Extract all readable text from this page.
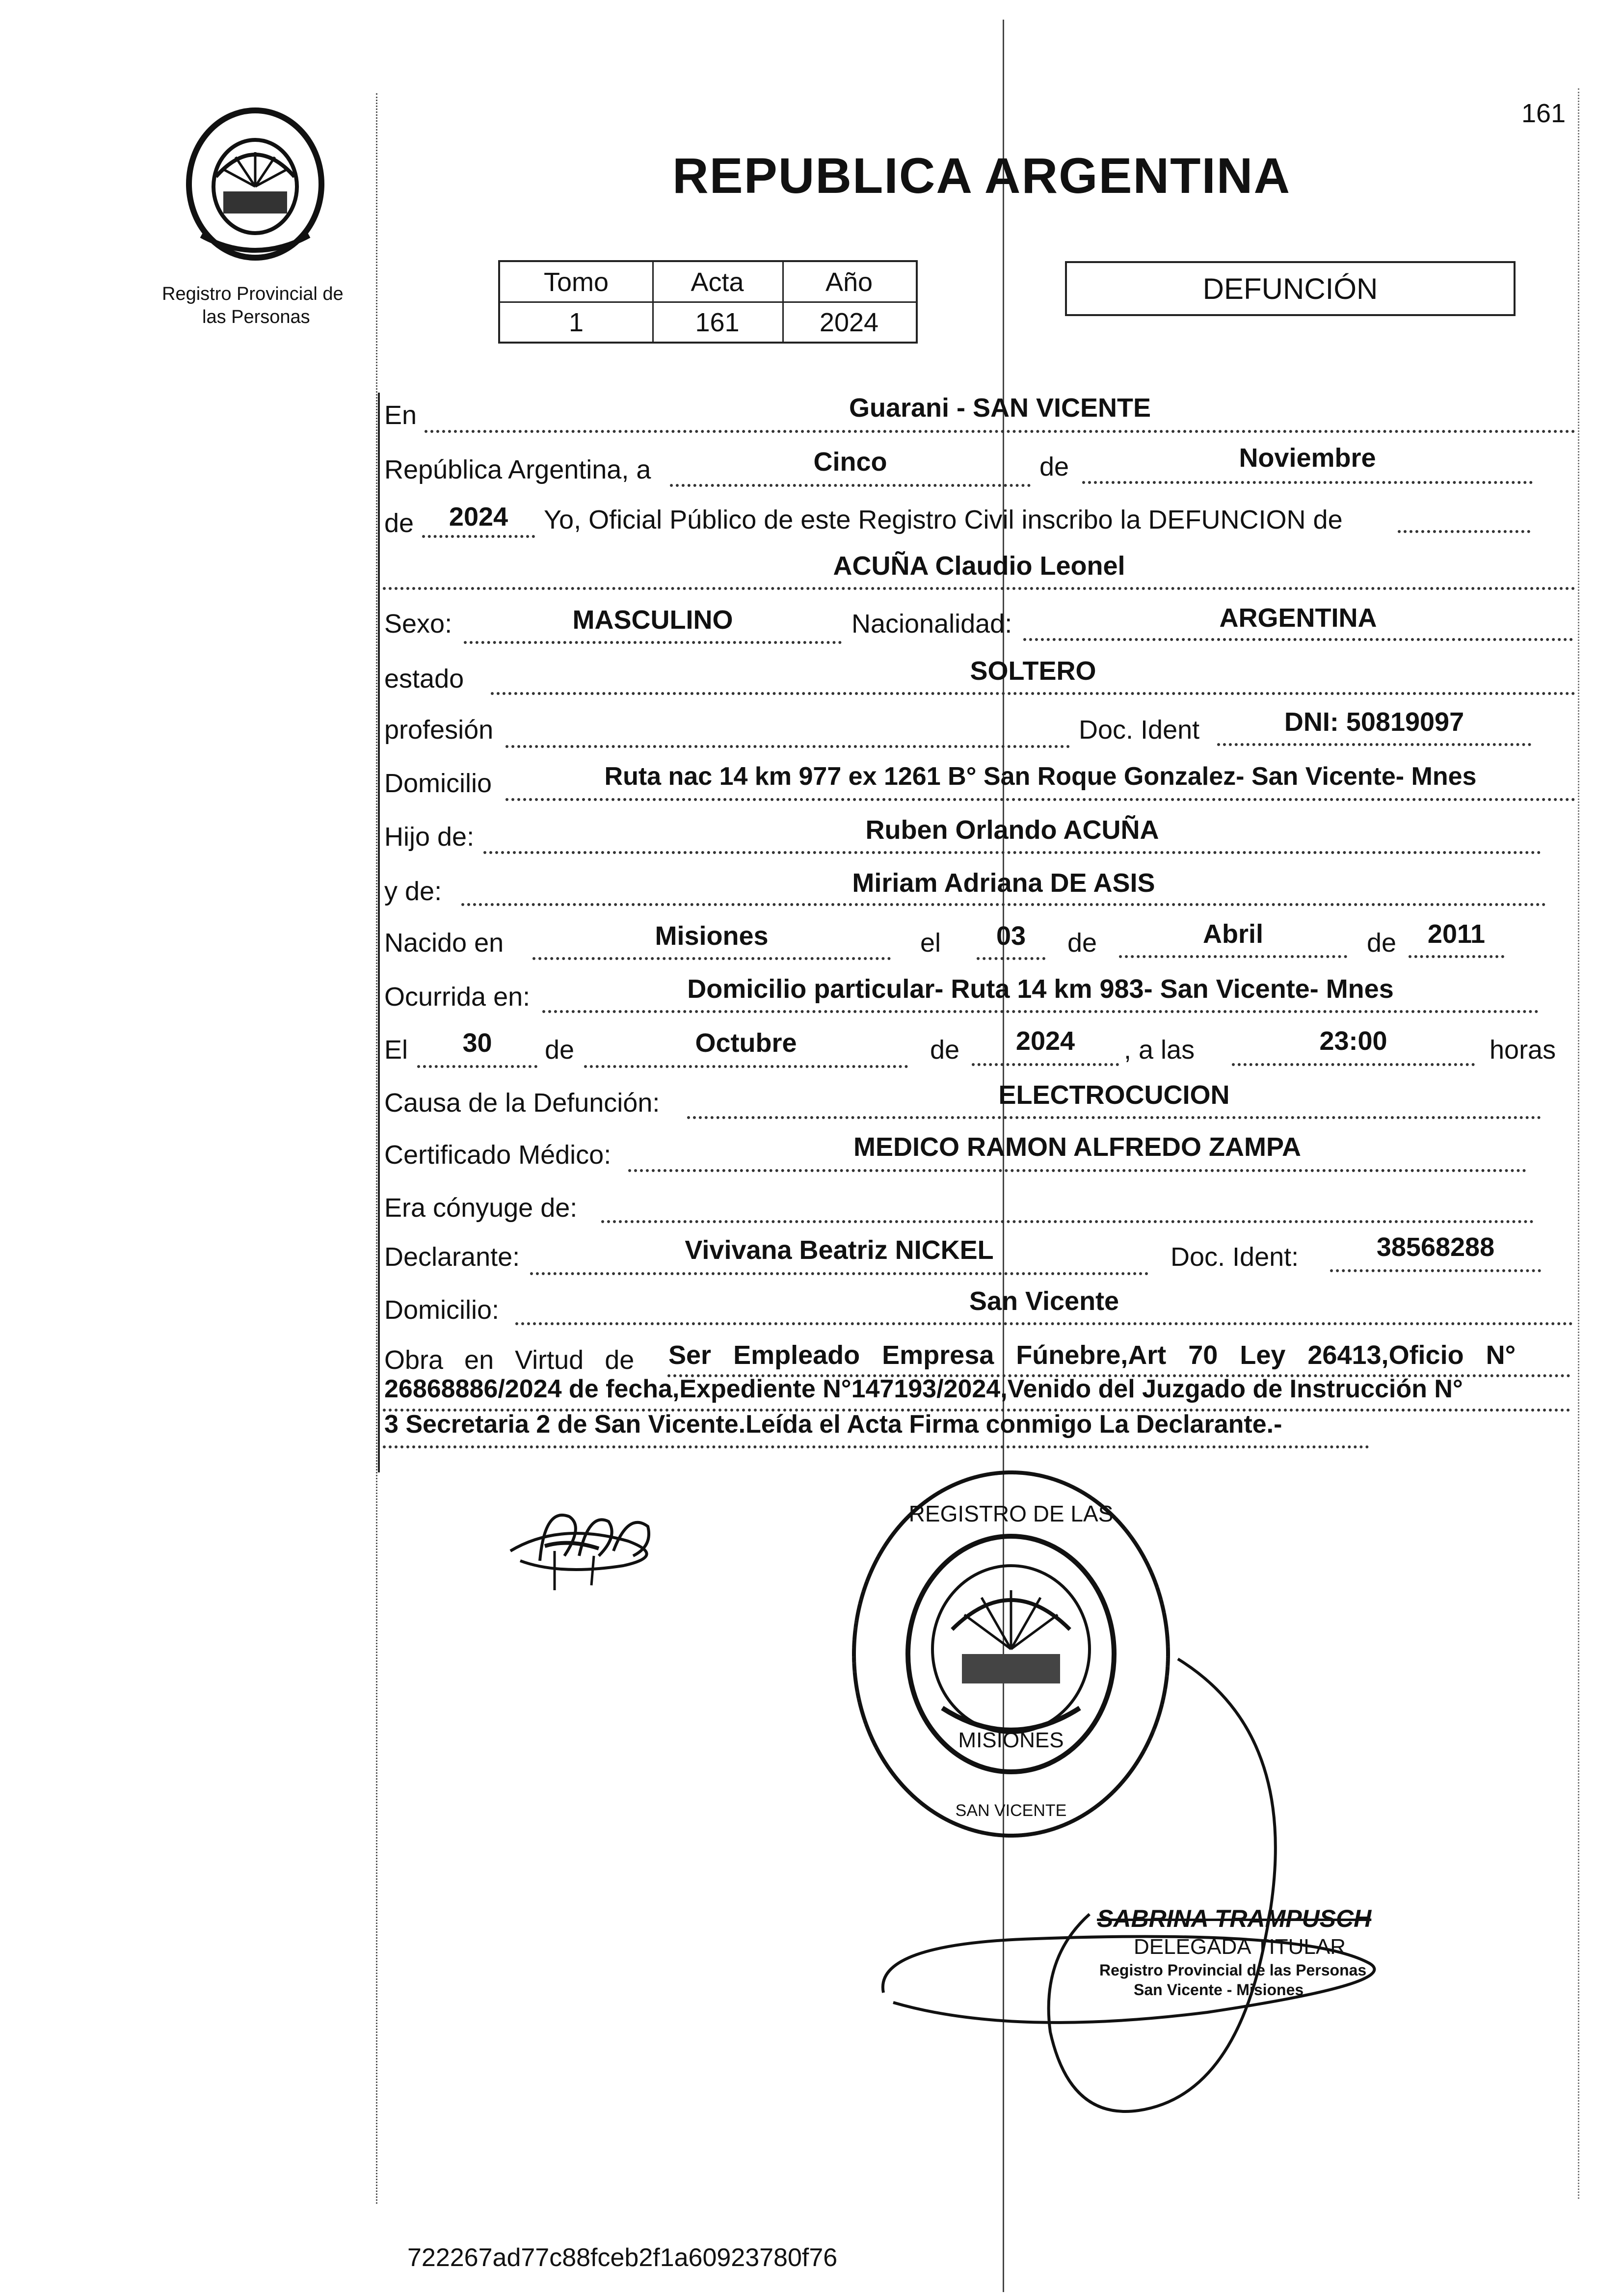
161
Registro Provincial de
las Personas
REPUBLICA ARGENTINA
Tomo	Acta	Año
1	161	2024
DEFUNCIÓN
En	Guarani - SAN VICENTE
República Argentina, a	Cinco	de	Noviembre
de	2024	Yo, Oficial Público de este Registro Civil inscribo la DEFUNCION de
ACUÑA Claudio Leonel
Sexo:	MASCULINO	Nacionalidad:	ARGENTINA
estado	SOLTERO
profesión	Doc. Ident	DNI: 50819097
Domicilio	Ruta nac 14 km 977 ex 1261 B° San Roque Gonzalez- San Vicente- Mnes
Hijo de:	Ruben Orlando ACUÑA
y de:	Miriam Adriana DE ASIS
Nacido en	Misiones	el	03	de	Abril	de	2011
Ocurrida en:	Domicilio particular- Ruta 14 km 983- San Vicente- Mnes
El	30	de	Octubre	de	2024	, a las	23:00	horas
Causa de la Defunción:	ELECTROCUCION
Certificado Médico:	MEDICO RAMON ALFREDO ZAMPA
Era cónyuge de:
Declarante:	Vivivana Beatriz NICKEL	Doc. Ident:	38568288
Domicilio:	San Vicente
Obra en Virtud de Ser Empleado Empresa Fúnebre,Art 70 Ley 26413,Oficio N°
26868886/2024 de fecha,Expediente N°147193/2024,Venido del Juzgado de Instrucción N°
3 Secretaria 2 de San Vicente.Leída el Acta Firma conmigo La Declarante.-
REGISTRO DE LAS
MISIONES
SAN VICENTE
SABRINA TRAMPUSCH
DELEGADA TITULAR
Registro Provincial de las Personas
San Vicente - Misiones
722267ad77c88fceb2f1a60923780f76
